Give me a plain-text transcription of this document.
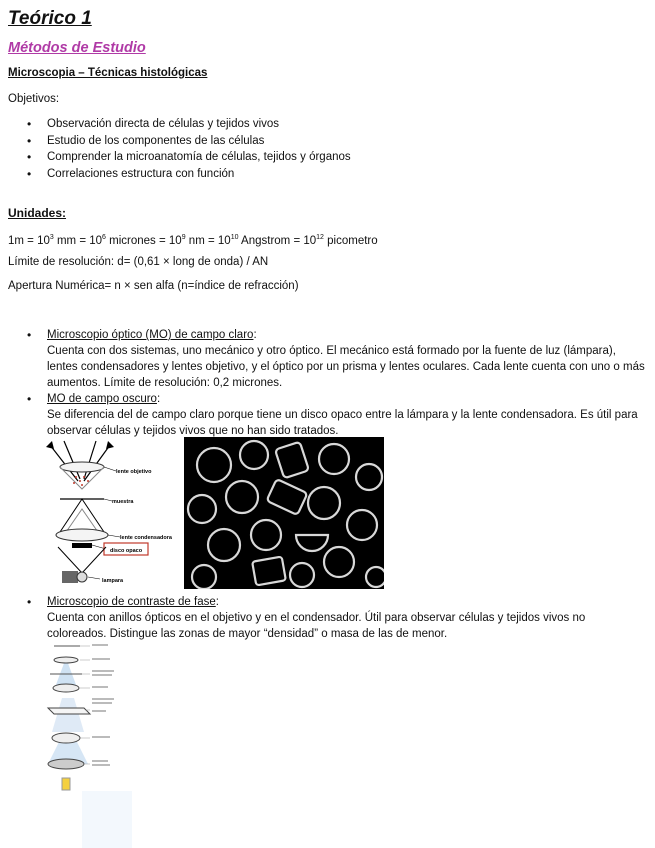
Teórico 1
Métodos de Estudio
Microscopia – Técnicas histológicas
Objetivos:
• Observación directa de células y tejidos vivos
• Estudio de los componentes de las células
• Comprender la microanatomía de células, tejidos y órganos
• Correlaciones estructura con función
Unidades:
$1m = 10^3$ mm = $10^6$ micrones = $10^9$ nm = $10^{10}$ Angstrom = $10^{12}$ picometro
Límite de resolución: d= (0,61 × long de onda) / AN
Apertura Numérica= n × sen alfa (n=índice de refracción)
• Microscopio óptico (MO) de campo claro:
Cuenta con dos sistemas, uno mecánico y otro óptico. El mecánico está formado por la fuente de luz (lámpara), lentes condensadores y lentes objetivo, y el óptico por un prisma y lentes oculares. Cada lente cuenta con uno o más aumentos. Límite de resolución: 0,2 micrones.
• MO de campo oscuro:
Se diferencia del de campo claro porque tiene un disco opaco entre la lámpara y la lente condensadora. Es útil para observar células y tejidos vivos que no han sido tratados.
• Microscopio de contraste de fase:
Cuenta con anillos ópticos en el objetivo y en el condensador. Útil para observar células y tejidos vivos no coloreados. Distingue las zonas de mayor “densidad” o masa de las de menor.
lente objetivo
muestra
lente condensadora
disco opaco
lampara
